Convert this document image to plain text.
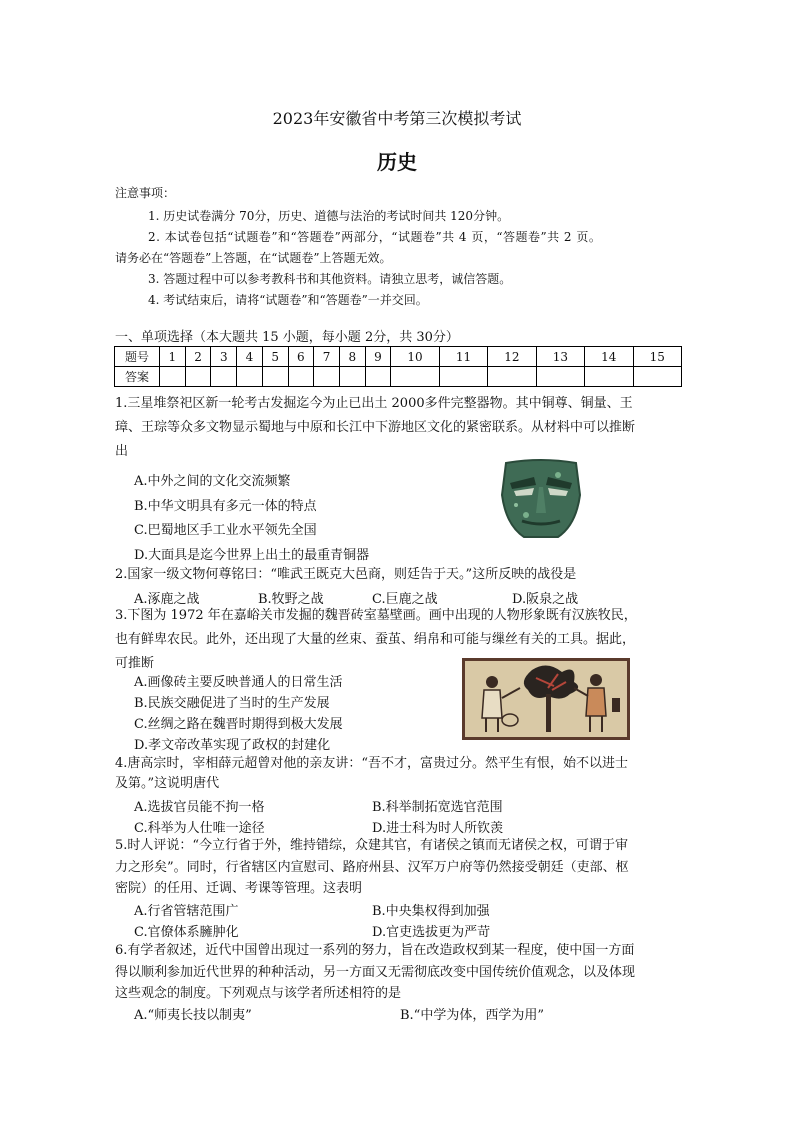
2023年安徽省中考第三次模拟考试
历史
注意事项：
1. 历史试卷满分 70分，历史、道德与法治的考试时间共 120分钟。
2. 本试卷包括“试题卷”和“答题卷”两部分，“试题卷”共 4 页，“答题卷”共 2 页。
请务必在“答题卷”上答题，在“试题卷”上答题无效。
3. 答题过程中可以参考教科书和其他资料。请独立思考，诚信答题。
4. 考试结束后，请将“试题卷”和“答题卷”一并交回。
一、单项选择（本大题共 15 小题，每小题 2分，共 30分）
题号	1	2	3	4	5	6	7	8	9	10	11	12	13	14	15
答案															
1.三星堆祭祀区新一轮考古发掘迄今为止已出土 2000多件完整器物。其中铜尊、铜量、王
璋、王琮等众多文物显示蜀地与中原和长江中下游地区文化的紧密联系。从材料中可以推断
出
A.中外之间的文化交流频繁
B.中华文明具有多元一体的特点
C.巴蜀地区手工业水平领先全国
D.大面具是迄今世界上出土的最重青铜器
2.国家一级文物何尊铭曰：“唯武王既克大邑商，则廷告于天。”这所反映的战役是
A.涿鹿之战	B.牧野之战	C.巨鹿之战	D.阪泉之战
3.下图为 1972 年在嘉峪关市发掘的魏晋砖室墓壁画。画中出现的人物形象既有汉族牧民，
也有鲜卑农民。此外，还出现了大量的丝束、蚕茧、绢帛和可能与缫丝有关的工具。据此，
可推断
A.画像砖主要反映普通人的日常生活
B.民族交融促进了当时的生产发展
C.丝绸之路在魏晋时期得到极大发展
D.孝文帝改革实现了政权的封建化
4.唐高宗时，宰相薛元超曾对他的亲友讲：“吾不才，富贵过分。然平生有恨，始不以进士
及第。”这说明唐代
A.选拔官员能不拘一格	B.科举制拓宽选官范围
C.科举为人仕唯一途径	D.进士科为时人所钦羡
5.时人评说：“今立行省于外，维持错综，众建其官，有诸侯之镇而无诸侯之权，可谓于审
力之形矣”。同时，行省辖区内宣慰司、路府州县、汉军万户府等仍然接受朝廷（吏部、枢
密院）的任用、迁调、考课等管理。这表明
A.行省管辖范围广	B.中央集权得到加强
C.官僚体系臃肿化	D.官吏选拔更为严苛
6.有学者叙述，近代中国曾出现过一系列的努力，旨在改造政权到某一程度，使中国一方面
得以顺利参加近代世界的种种活动，另一方面又无需彻底改变中国传统价值观念，以及体现
这些观念的制度。下列观点与该学者所述相符的是
A.“师夷长技以制夷”	B.“中学为体，西学为用”
